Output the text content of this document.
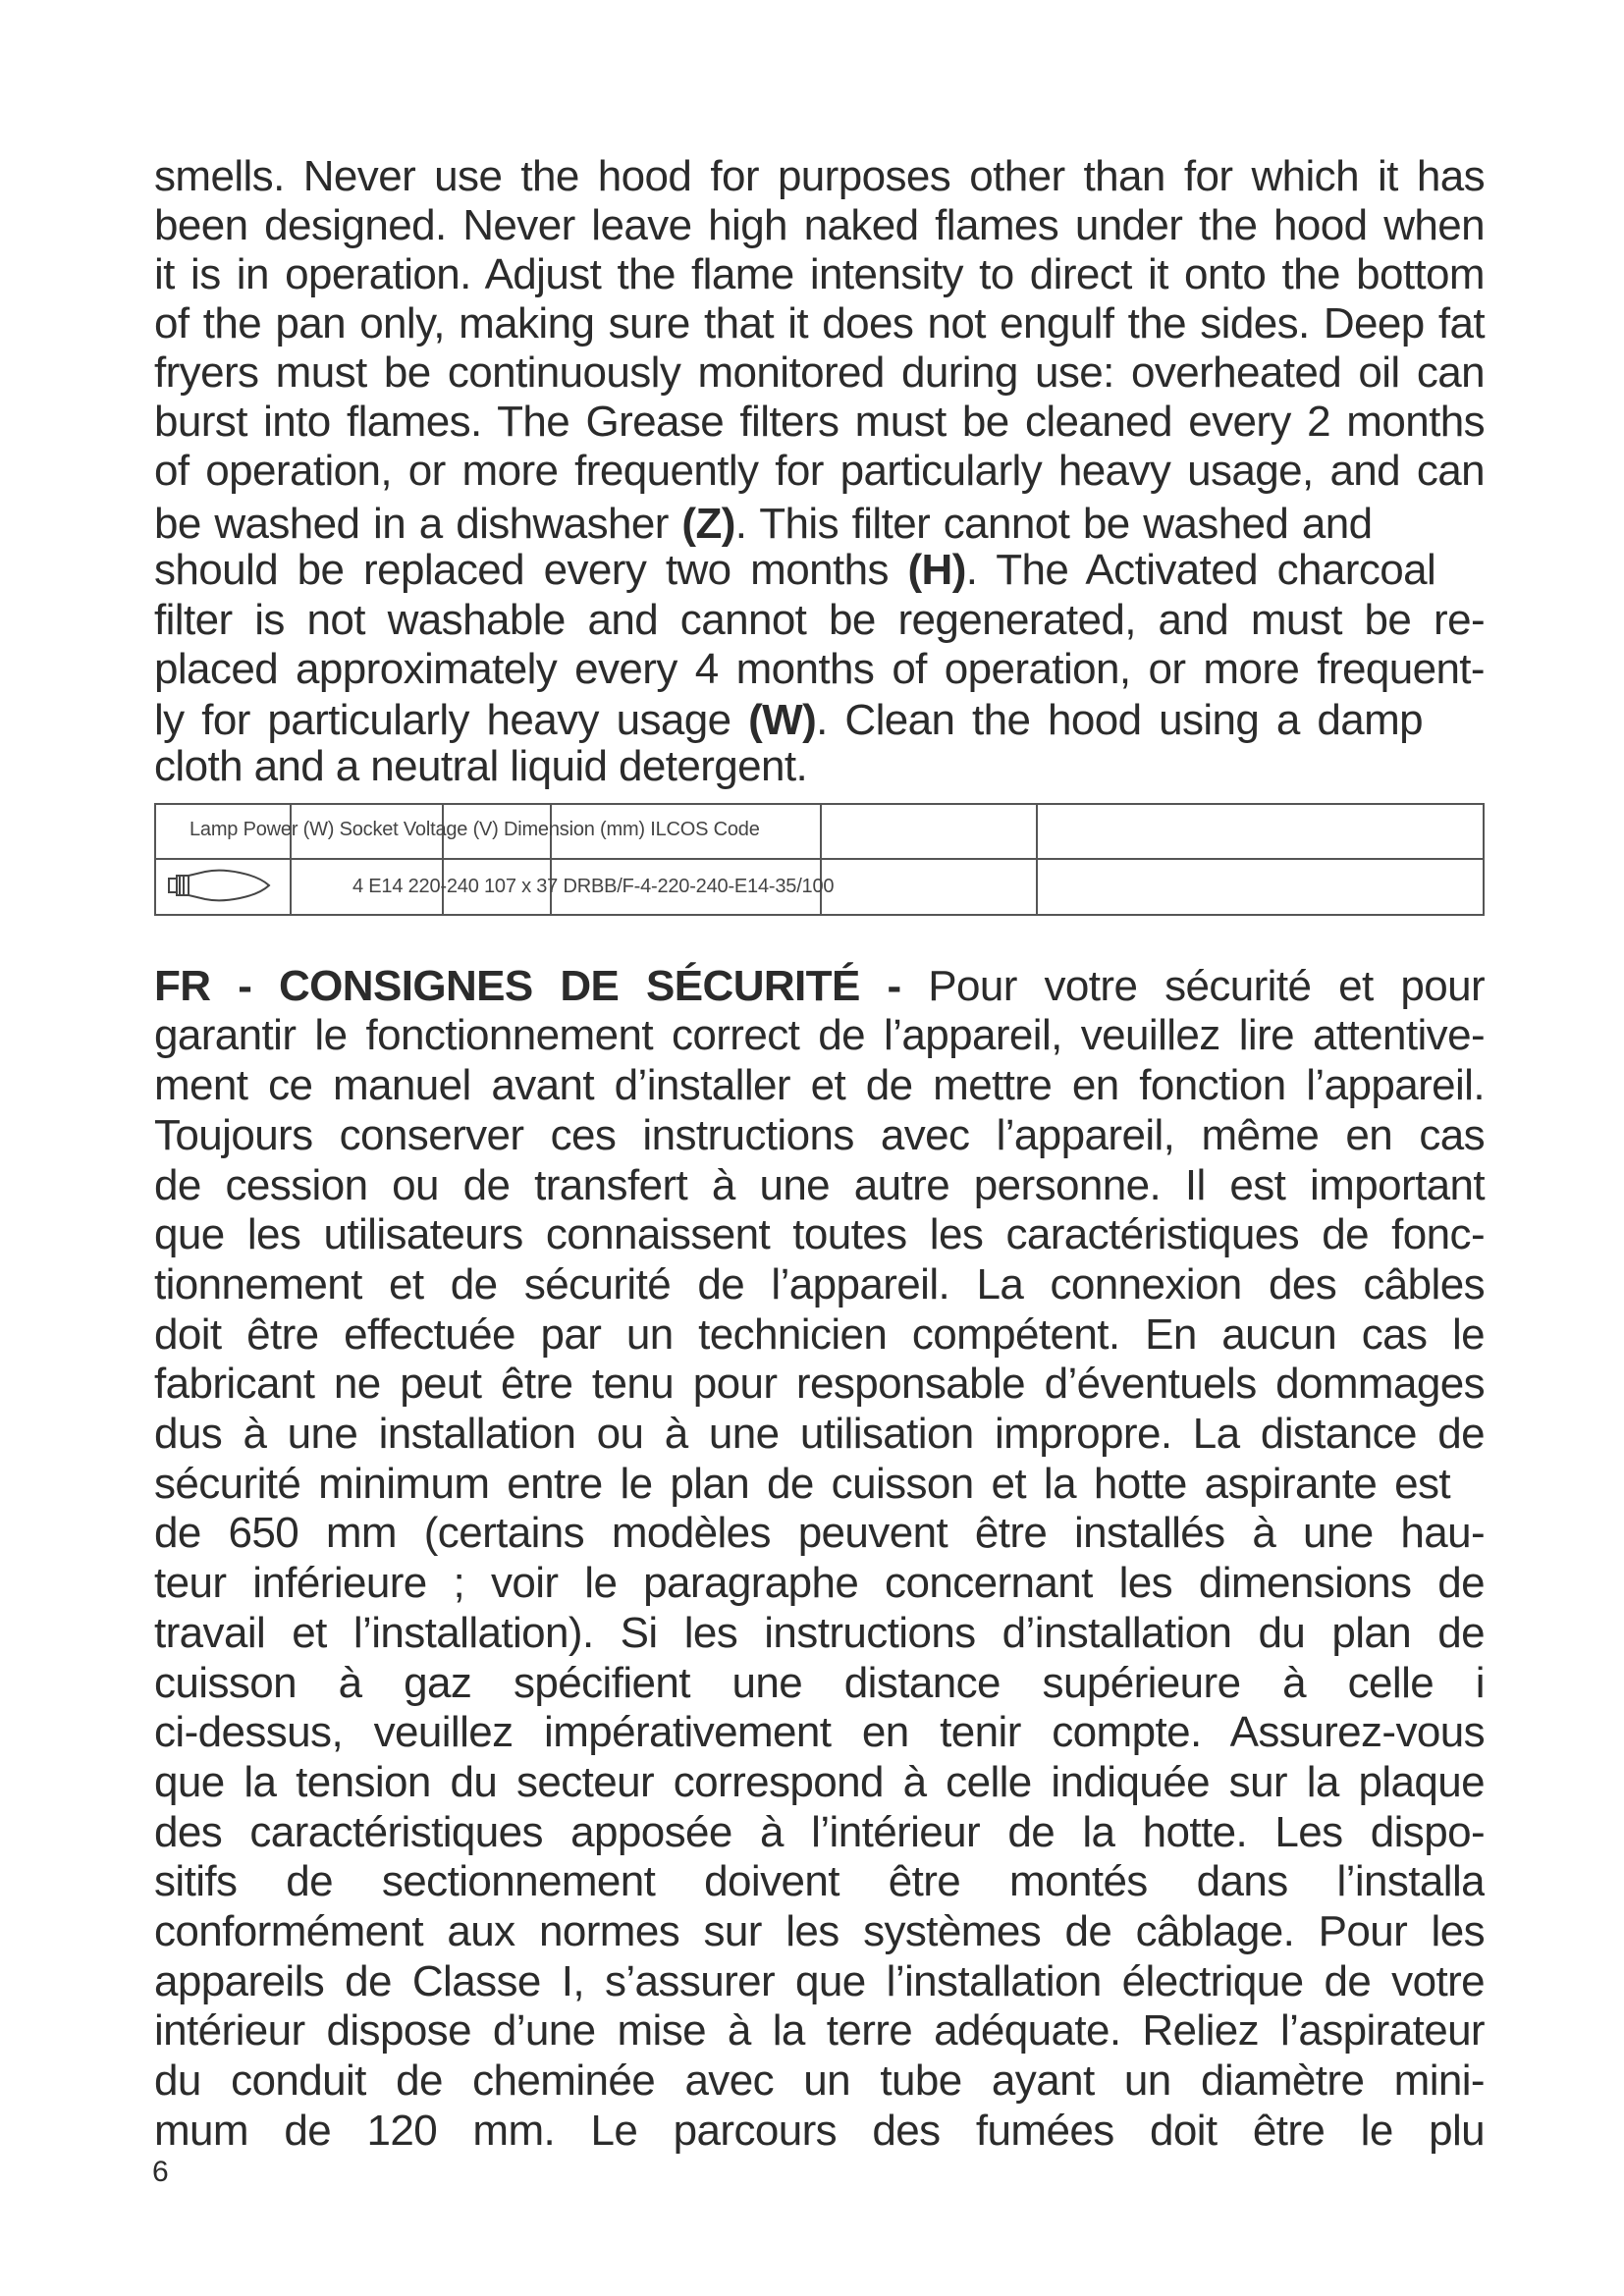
smells. Never use the hood for purposes other than for which it has
been designed. Never leave high naked flames under the hood when
it is in operation. Adjust the flame intensity to direct it onto the bottom
of the pan only, making sure that it does not engulf the sides. Deep fat
fryers must be continuously monitored during use: overheated oil can
burst into flames. The Grease filters must be cleaned every 2 months
of operation, or more frequently for particularly heavy usage, and can
be washed in a dishwasher (Z). This filter cannot be washed and
should be replaced every two months (H). The Activated charcoal
filter is not washable and cannot be regenerated, and must be re-
placed approximately every 4 months of operation, or more frequent-
ly for particularly heavy usage (W). Clean the hood using a damp
cloth and a neutral liquid detergent.
Lamp Power (W) Socket Voltage (V) Dimension (mm) ILCOS Code
4 E14 220-240 107 x 37 DRBB/F-4-220-240-E14-35/100
FR - CONSIGNES DE SÉCURITÉ - Pour votre sécurité et pour
garantir le fonctionnement correct de l’appareil, veuillez lire attentive-
ment ce manuel avant d’installer et de mettre en fonction l’appareil.
Toujours conserver ces instructions avec l’appareil, même en cas
de cession ou de transfert à une autre personne. Il est important
que les utilisateurs connaissent toutes les caractéristiques de fonc-
tionnement et de sécurité de l’appareil. La connexion des câbles
doit être effectuée par un technicien compétent. En aucun cas le
fabricant ne peut être tenu pour responsable d’éventuels dommages
dus à une installation ou à une utilisation impropre. La distance de
sécurité minimum entre le plan de cuisson et la hotte aspirante est
de 650 mm (certains modèles peuvent être installés à une hau-
teur inférieure ; voir le paragraphe concernant les dimensions de
travail et l’installation). Si les instructions d’installation du plan de
cuisson à gaz spécifient une distance supérieure à celle i
ci-dessus, veuillez impérativement en tenir compte. Assurez-vous
que la tension du secteur correspond à celle indiquée sur la plaque
des caractéristiques apposée à l’intérieur de la hotte. Les dispo-
sitifs de sectionnement doivent être montés dans l’installa
conformément aux normes sur les systèmes de câblage. Pour les
appareils de Classe I, s’assurer que l’installation électrique de votre
intérieur dispose d’une mise à la terre adéquate. Reliez l’aspirateur
du conduit de cheminée avec un tube ayant un diamètre mini-
mum de 120 mm. Le parcours des fumées doit être le plu
6
